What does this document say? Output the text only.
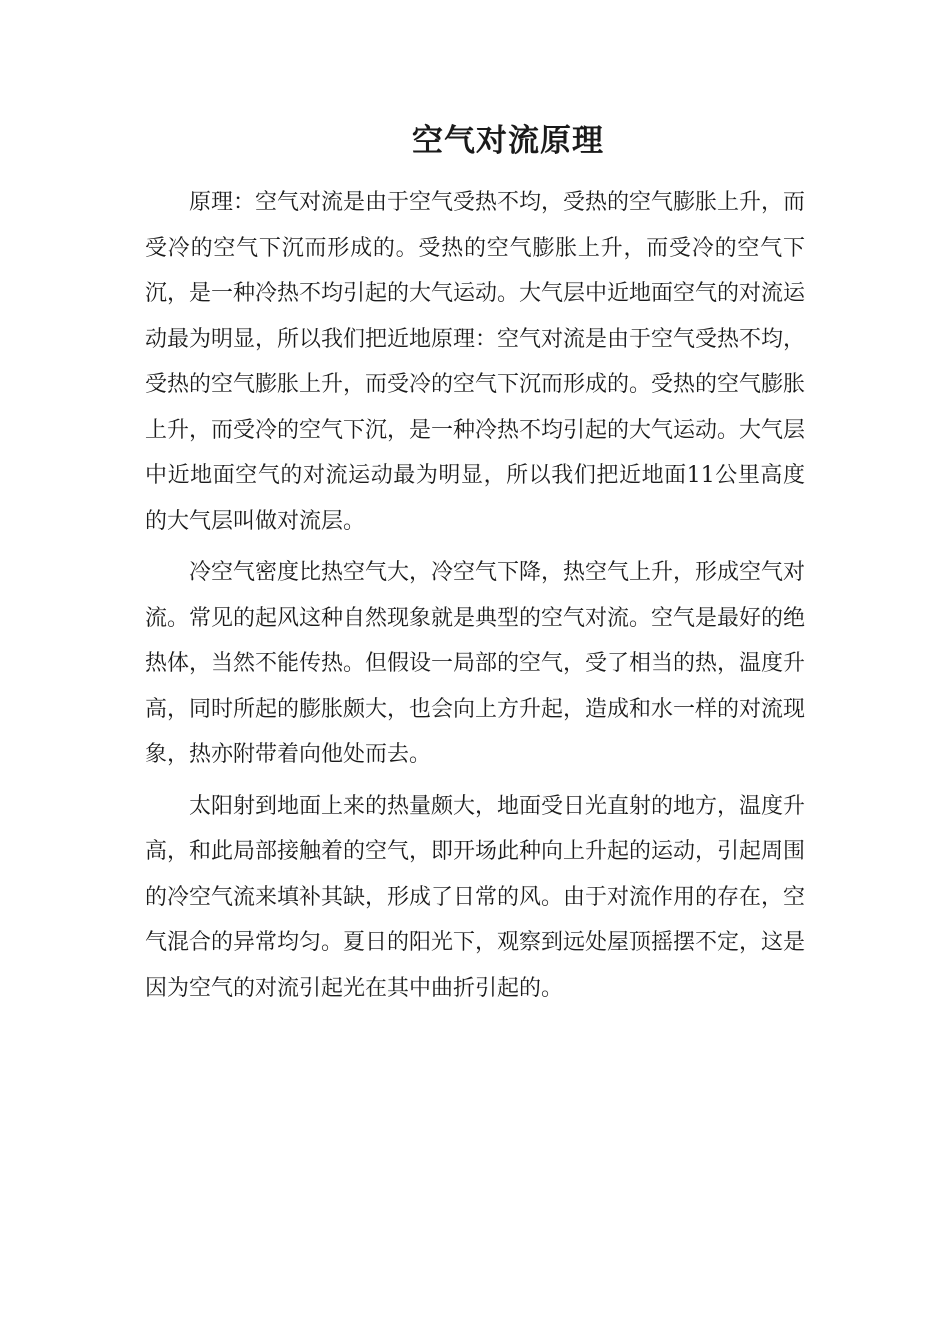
空气对流原理

原理：空气对流是由于空气受热不均，受热的空气膨胀上升，而受冷的空气下沉而形成的。受热的空气膨胀上升，而受冷的空气下沉，是一种冷热不均引起的大气运动。大气层中近地面空气的对流运动最为明显，所以我们把近地原理：空气对流是由于空气受热不均，受热的空气膨胀上升，而受冷的空气下沉而形成的。受热的空气膨胀上升，而受冷的空气下沉，是一种冷热不均引起的大气运动。大气层中近地面空气的对流运动最为明显，所以我们把近地面11公里高度的大气层叫做对流层。

冷空气密度比热空气大，冷空气下降，热空气上升，形成空气对流。常见的起风这种自然现象就是典型的空气对流。空气是最好的绝热体，当然不能传热。但假设一局部的空气，受了相当的热，温度升高，同时所起的膨胀颇大，也会向上方升起，造成和水一样的对流现象，热亦附带着向他处而去。

太阳射到地面上来的热量颇大，地面受日光直射的地方，温度升高，和此局部接触着的空气，即开场此种向上升起的运动，引起周围的冷空气流来填补其缺，形成了日常的风。由于对流作用的存在，空气混合的异常均匀。夏日的阳光下，观察到远处屋顶摇摆不定，这是因为空气的对流引起光在其中曲折引起的。
